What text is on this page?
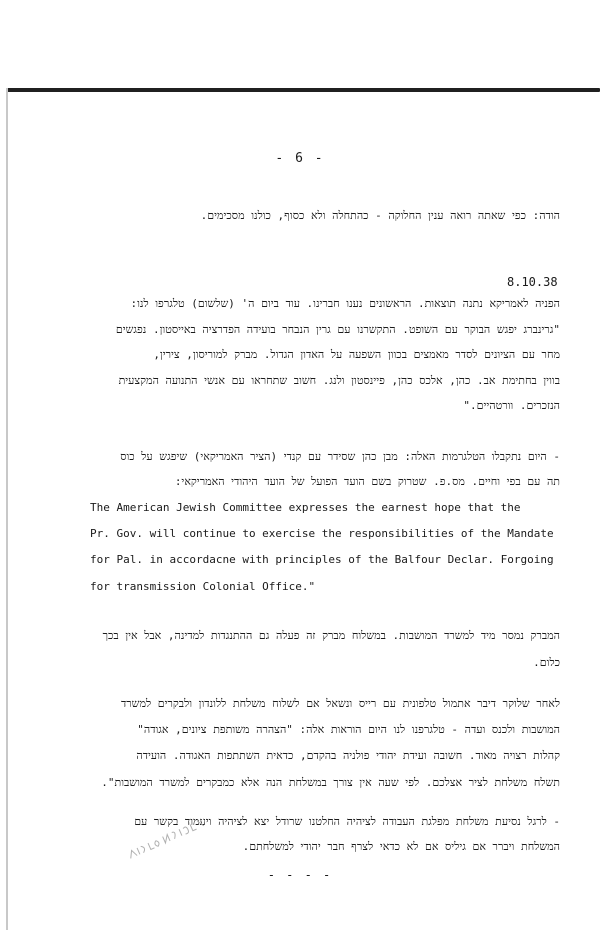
- 6 -
הודה: כפי שאתה רואה ענין החלוקה - כהתחלה ולא כסוף, כולנו מסכימים.
8.10.38
הפניה לאמריקא נתנה תוצאות. הראשונים נענו חברינו. עוד ביום ה' (שלשום) טלגרפו לנו:
"גרינברג יפגש הבוקר עם השופט. התקשרנו עם גרין הנבחר בועידה הפדרציה באייסטון. נפגשים
מחר עם הציונים לסדר מאמצים בכוון השפעה על האדון הגדול. מברק למוריסון, צירין,
בווין בחתימת אב. כהן, אלכס כהן, פיינסטון ולנג. חשוב שתחראו עם אנשי התנועה המקצעית
הנזכרים. וורטהיים."
- היום נתקבלו הטלגרמות האלה: מבן כהן שסידר עם קנדי (הציר האמריקאי) שיפגש על כוס
תה עם בפי וחיים. מס.פ. שטרוק בשם הועד הפועל של הועד היהודי האמריקאי:
The American Jewish Committee expresses the earnest hope that the
Pr. Gov. will continue to exercise the responsibilities of the Mandate
for Pal. in accordacne with principles of the Balfour Declar. Forgoing
for transmission Colonial Office."
המברק נמסר מיד למשרד המושבות. במשלוח מברק זה פעלה גם ההתנגדות למדינה, אבל אין בכך
כלום.
לאחר שלוקר דיבר אתמול טלפונית עם רייס ונשאל אם לשלוח משלחת ללונדון ולבקרים למשרד
המושבות ולכנס ועדה - טלגרפנו לנו היום הוראות אלה: "הצהרה משותפת ציונים, אגודה"
קהלות רצויה מאוד. חשובה ועידת יהודי פולניה בהקדם, כדאית השתתפות האגודה. הועידה
תשלח משלחת לציר אצלכם. לפי שעה אין צורך במשלחת הנה אלא כמבקרים למשרד המושבות".
- לרגל נסיעת משלחת מפלגת העבודה לציהיה החלטנו שרודל יצא לציהיה ויעמוד בקשר עם
המשלחת ויברר אם גיליס אם לא כדאי לצרף חבר יהודי למשלחתם.
- - - -
